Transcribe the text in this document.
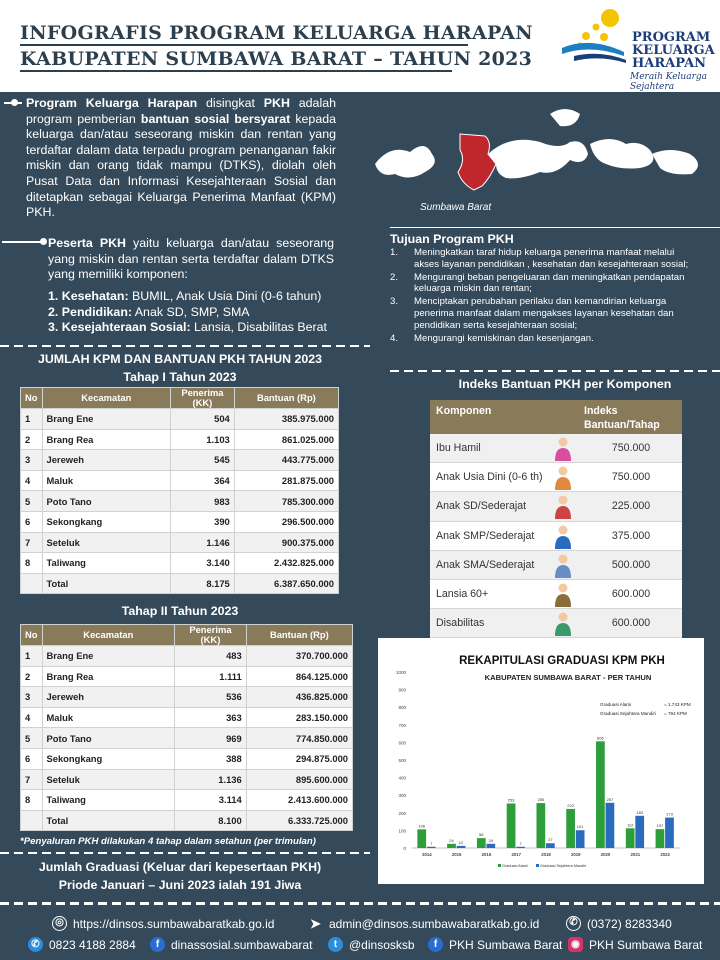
INFOGRAFIS PROGRAM KELUARGA HARAPAN
KABUPATEN SUMBAWA BARAT – TAHUN 2023
PROGRAM
KELUARGA
HARAPAN
Meraih Keluarga Sejahtera
Program Keluarga Harapan disingkat PKH adalah program pemberian bantuan sosial bersyarat kepada keluarga dan/atau seseorang miskin dan rentan yang terdaftar dalam data terpadu program penanganan fakir miskin dan orang tidak mampu (DTKS), diolah oleh Pusat Data dan Informasi Kesejahteraan Sosial dan ditetapkan sebagai Keluarga Penerima Manfaat (KPM) PKH.
Peserta PKH yaitu keluarga dan/atau seseorang yang miskin dan rentan serta terdaftar dalam DTKS yang memiliki komponen:
1. Kesehatan: BUMIL, Anak Usia Dini (0-6 tahun)
2. Pendidikan: Anak SD, SMP, SMA
3. Kesejahteraan Sosial: Lansia, Disabilitas Berat
Sumbawa Barat
Tujuan Program PKH
1.	Meningkatkan taraf hidup keluarga penerima manfaat melalui akses layanan pendidikan , kesehatan dan kesejahteraan sosial;
2.	Mengurangi beban pengeluaran dan meningkatkan pendapatan keluarga miskin dan rentan;
3.	Menciptakan perubahan perilaku dan kemandirian keluarga penerima manfaat dalam mengakses layanan kesehatan dan pendidikan serta kesejahteraan sosial;
4.	Mengurangi kemiskinan dan kesenjangan.
JUMLAH KPM DAN BANTUAN PKH TAHUN 2023
Tahap I Tahun 2023
No	Kecamatan	Penerima (KK)	Bantuan (Rp)
1	Brang Ene	504	385.975.000
2	Brang Rea	1.103	861.025.000
3	Jereweh	545	443.775.000
4	Maluk	364	281.875.000
5	Poto Tano	983	785.300.000
6	Sekongkang	390	296.500.000
7	Seteluk	1.146	900.375.000
8	Taliwang	3.140	2.432.825.000
	Total	8.175	6.387.650.000
Tahap II Tahun 2023
No	Kecamatan	Penerima (KK)	Bantuan (Rp)
1	Brang Ene	483	370.700.000
2	Brang Rea	1.111	864.125.000
3	Jereweh	536	436.825.000
4	Maluk	363	283.150.000
5	Poto Tano	969	774.850.000
6	Sekongkang	388	294.875.000
7	Seteluk	1.136	895.600.000
8	Taliwang	3.114	2.413.600.000
	Total	8.100	6.333.725.000
*Penyaluran PKH dilakukan 4 tahap dalam setahun (per trimulan)
Jumlah Graduasi (Keluar dari kepesertaan PKH)
Priode Januari – Juni 2023 ialah 191 Jiwa
Indeks Bantuan PKH per Komponen
Komponen	Indeks Bantuan/Tahap
Ibu Hamil	750.000
Anak Usia Dini (0-6 th)	750.000
Anak SD/Sederajat	225.000
Anak SMP/Sederajat	375.000
Anak SMA/Sederajat	500.000
Lansia 60+	600.000
Disabilitas	600.000
REKAPITULASI GRADUASI KPM PKH
KABUPATEN SUMBAWA BARAT - PER TAHUN
0
100
200
300
400
500
600
700
800
900
1000
2014
106
7
2015
24 12
2016
56
24
2017
253
7
2018
255
27
2019
222
101
2020
606
257
2021
112
183
2022
107
173
Graduasi Alami	= 1.743 KPM
Graduasi Sejahtera Mandiri = 794 KPM
Graduasi Alami	Graduasi Sejahtera Mandiri
◎ https://dinsos.sumbawabaratkab.go.id	➤ admin@dinsos.sumbawabaratkab.go.id	✆ (0372) 8283340
✆ 0823 4188 2884	f dinassosial.sumbawabarat	t @dinsosksb	f PKH Sumbawa Barat ◉ PKH Sumbawa Barat
